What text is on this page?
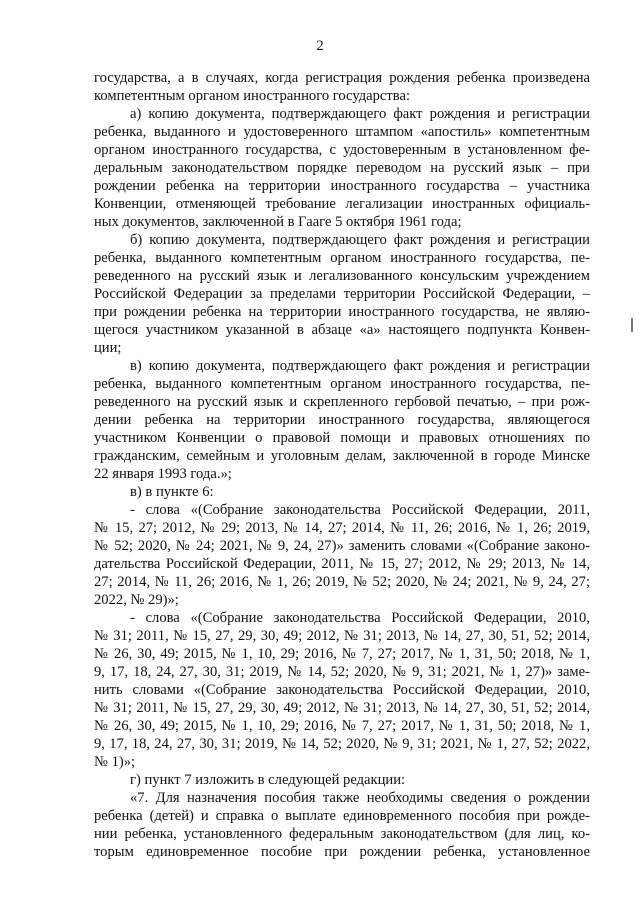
2
государства, а в случаях, когда регистрация рождения ребенка произведена
компетентным органом иностранного государства:
а) копию документа, подтверждающего факт рождения и регистрации
ребенка, выданного и удостоверенного штампом «апостиль» компетентным
органом иностранного государства, с удостоверенным в установленном фе-
деральным законодательством порядке переводом на русский язык – при
рождении ребенка на территории иностранного государства – участника
Конвенции, отменяющей требование легализации иностранных официаль-
ных документов, заключенной в Гааге 5 октября 1961 года;
б) копию документа, подтверждающего факт рождения и регистрации
ребенка, выданного компетентным органом иностранного государства, пе-
реведенного на русский язык и легализованного консульским учреждением
Российской Федерации за пределами территории Российской Федерации, –
при рождении ребенка на территории иностранного государства, не являю-
щегося участником указанной в абзаце «а» настоящего подпункта Конвен-
ции;
в) копию документа, подтверждающего факт рождения и регистрации
ребенка, выданного компетентным органом иностранного государства, пе-
реведенного на русский язык и скрепленного гербовой печатью, – при рож-
дении ребенка на территории иностранного государства, являющегося
участником Конвенции о правовой помощи и правовых отношениях по
гражданским, семейным и уголовным делам, заключенной в городе Минске
22 января 1993 года.»;
в) в пункте 6:
- слова «(Собрание законодательства Российской Федерации, 2011,
№ 15, 27; 2012, № 29; 2013, № 14, 27; 2014, № 11, 26; 2016, № 1, 26; 2019,
№ 52; 2020, № 24; 2021, № 9, 24, 27)» заменить словами «(Собрание законо-
дательства Российской Федерации, 2011, № 15, 27; 2012, № 29; 2013, № 14,
27; 2014, № 11, 26; 2016, № 1, 26; 2019, № 52; 2020, № 24; 2021, № 9, 24, 27;
2022, № 29)»;
- слова «(Собрание законодательства Российской Федерации, 2010,
№ 31; 2011, № 15, 27, 29, 30, 49; 2012, № 31; 2013, № 14, 27, 30, 51, 52; 2014,
№ 26, 30, 49; 2015, № 1, 10, 29; 2016, № 7, 27; 2017, № 1, 31, 50; 2018, № 1,
9, 17, 18, 24, 27, 30, 31; 2019, № 14, 52; 2020, № 9, 31; 2021, № 1, 27)» заме-
нить словами «(Собрание законодательства Российской Федерации, 2010,
№ 31; 2011, № 15, 27, 29, 30, 49; 2012, № 31; 2013, № 14, 27, 30, 51, 52; 2014,
№ 26, 30, 49; 2015, № 1, 10, 29; 2016, № 7, 27; 2017, № 1, 31, 50; 2018, № 1,
9, 17, 18, 24, 27, 30, 31; 2019, № 14, 52; 2020, № 9, 31; 2021, № 1, 27, 52; 2022,
№ 1)»;
г) пункт 7 изложить в следующей редакции:
«7. Для назначения пособия также необходимы сведения о рождении
ребенка (детей) и справка о выплате единовременного пособия при рожде-
нии ребенка, установленного федеральным законодательством (для лиц, ко-
торым единовременное пособие при рождении ребенка, установленное
